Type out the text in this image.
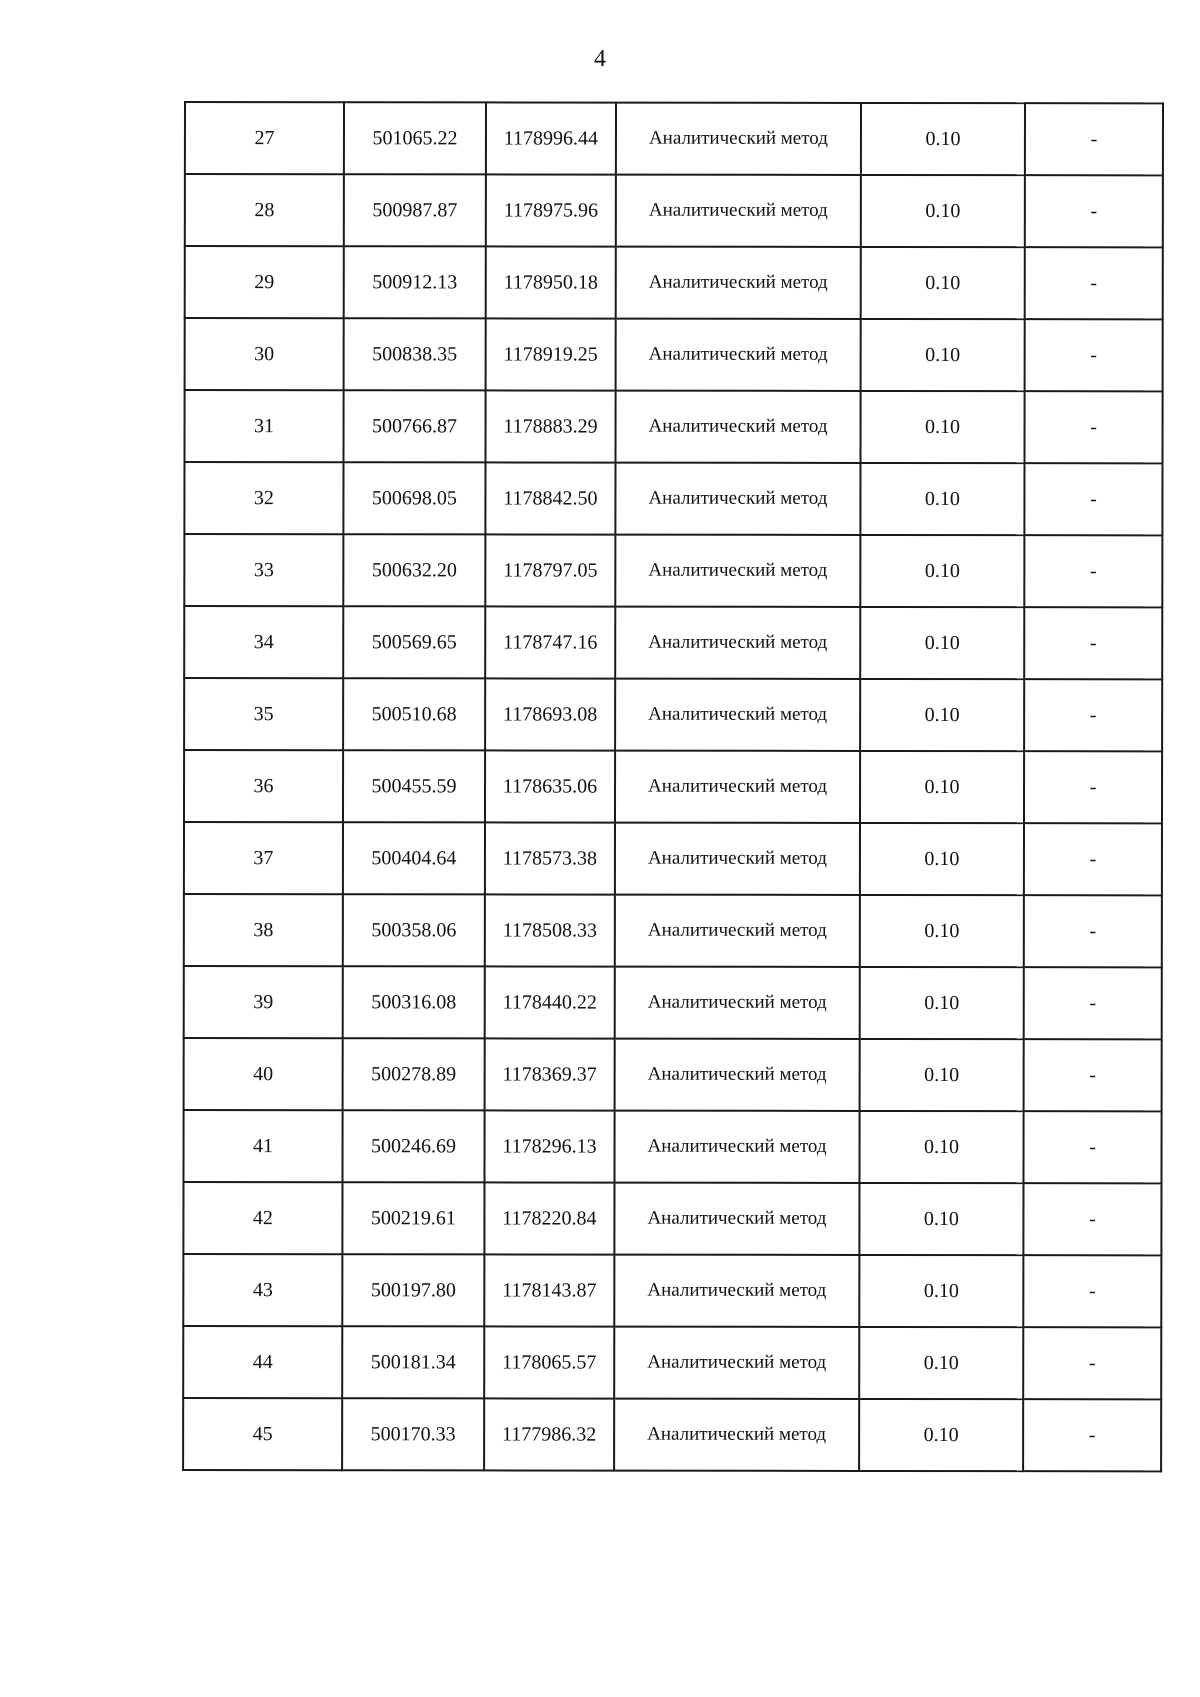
4
27	501065.22	1178996.44	Аналитический метод	0.10	-
28	500987.87	1178975.96	Аналитический метод	0.10	-
29	500912.13	1178950.18	Аналитический метод	0.10	-
30	500838.35	1178919.25	Аналитический метод	0.10	-
31	500766.87	1178883.29	Аналитический метод	0.10	-
32	500698.05	1178842.50	Аналитический метод	0.10	-
33	500632.20	1178797.05	Аналитический метод	0.10	-
34	500569.65	1178747.16	Аналитический метод	0.10	-
35	500510.68	1178693.08	Аналитический метод	0.10	-
36	500455.59	1178635.06	Аналитический метод	0.10	-
37	500404.64	1178573.38	Аналитический метод	0.10	-
38	500358.06	1178508.33	Аналитический метод	0.10	-
39	500316.08	1178440.22	Аналитический метод	0.10	-
40	500278.89	1178369.37	Аналитический метод	0.10	-
41	500246.69	1178296.13	Аналитический метод	0.10	-
42	500219.61	1178220.84	Аналитический метод	0.10	-
43	500197.80	1178143.87	Аналитический метод	0.10	-
44	500181.34	1178065.57	Аналитический метод	0.10	-
45	500170.33	1177986.32	Аналитический метод	0.10	-
